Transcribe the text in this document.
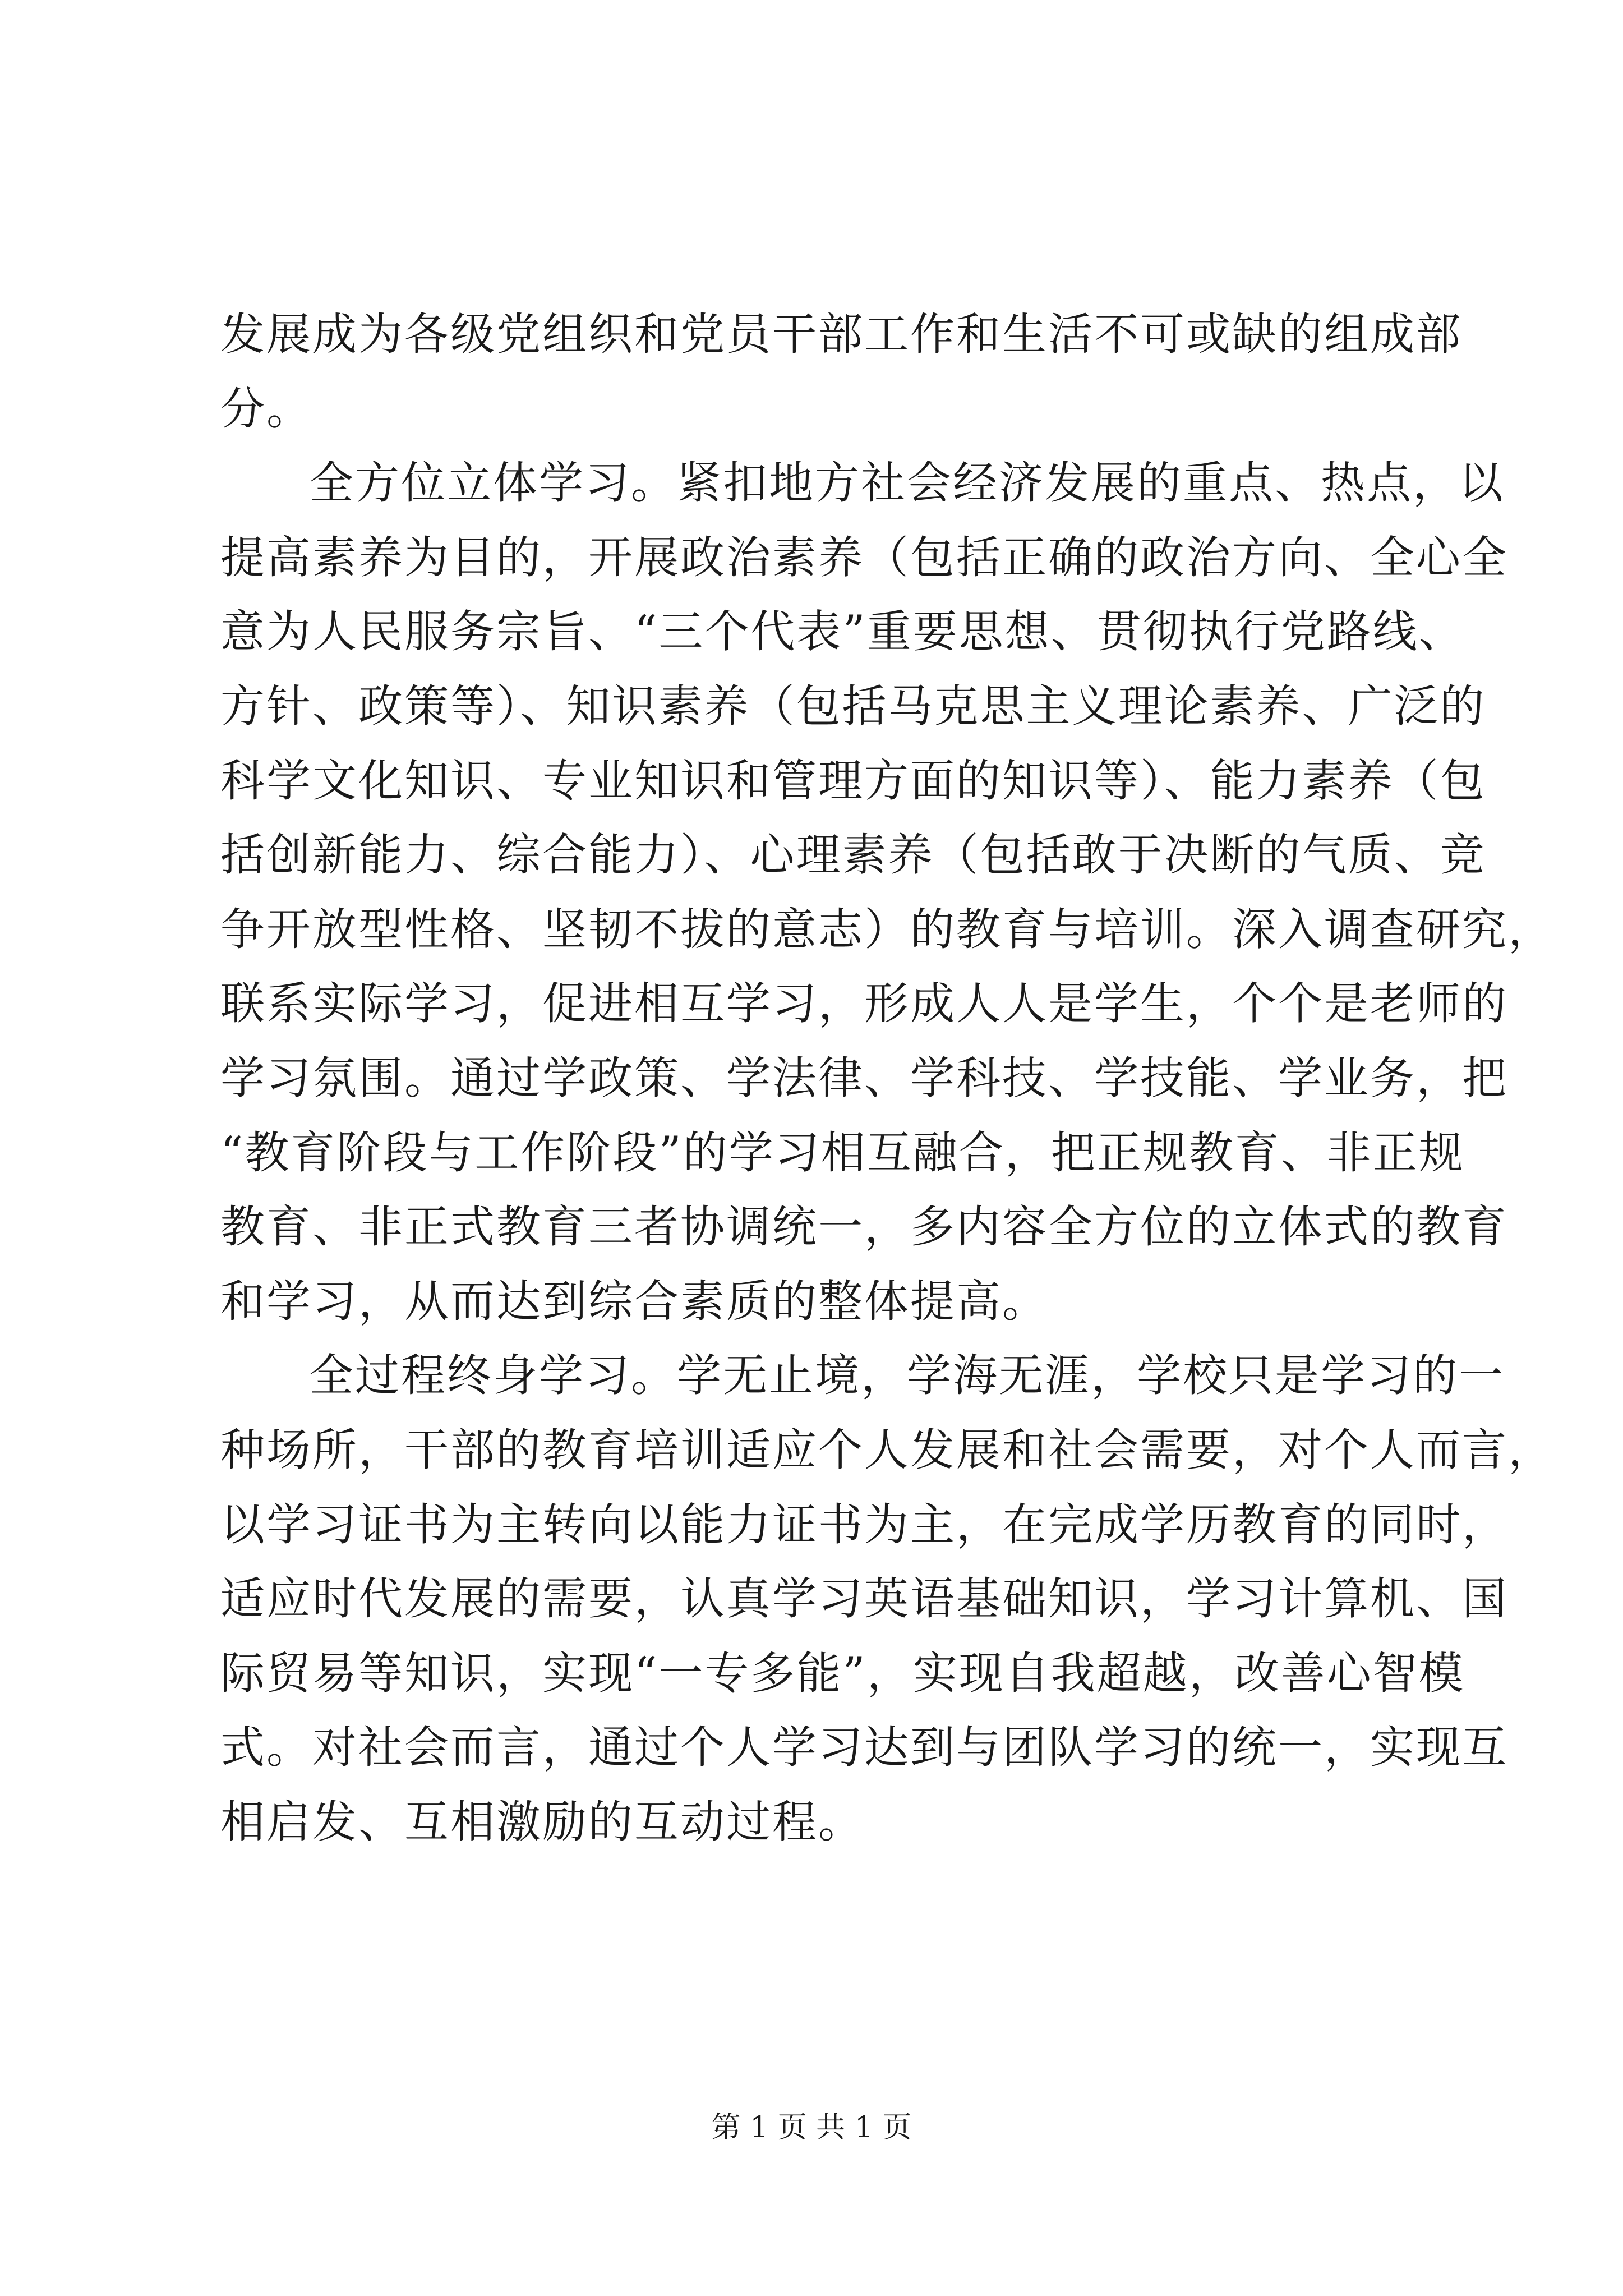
发展成为各级党组织和党员干部工作和生活不可或缺的组成部
分。
全方位立体学习。紧扣地方社会经济发展的重点、热点，以
提高素养为目的，开展政治素养（包括正确的政治方向、全心全
意为人民服务宗旨、“三个代表”重要思想、贯彻执行党路线、
方针、政策等）、知识素养（包括马克思主义理论素养、广泛的
科学文化知识、专业知识和管理方面的知识等）、能力素养（包
括创新能力、综合能力）、心理素养（包括敢于决断的气质、竞
争开放型性格、坚韧不拔的意志）的教育与培训。深入调查研究，
联系实际学习，促进相互学习，形成人人是学生，个个是老师的
学习氛围。通过学政策、学法律、学科技、学技能、学业务，把
“教育阶段与工作阶段”的学习相互融合，把正规教育、非正规
教育、非正式教育三者协调统一，多内容全方位的立体式的教育
和学习，从而达到综合素质的整体提高。
全过程终身学习。学无止境，学海无涯，学校只是学习的一
种场所，干部的教育培训适应个人发展和社会需要，对个人而言，
以学习证书为主转向以能力证书为主，在完成学历教育的同时，
适应时代发展的需要，认真学习英语基础知识，学习计算机、国
际贸易等知识，实现“一专多能”，实现自我超越，改善心智模
式。对社会而言，通过个人学习达到与团队学习的统一，实现互
相启发、互相激励的互动过程。
第 1 页 共 1 页
